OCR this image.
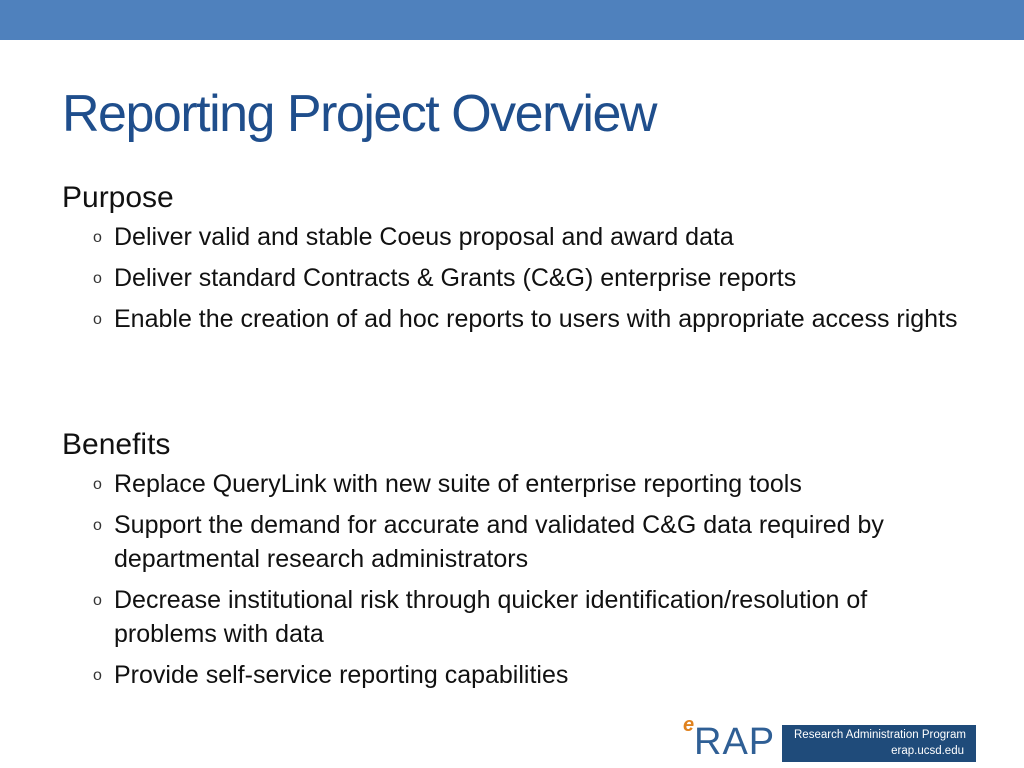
Reporting Project Overview
Purpose
o Deliver valid and stable Coeus proposal and award data
o Deliver standard Contracts & Grants (C&G) enterprise reports
o Enable the creation of ad hoc reports to users with appropriate access rights
Benefits
o Replace QueryLink with new suite of enterprise reporting tools
o Support the demand for accurate and validated C&G data required by departmental research administrators
o Decrease institutional risk through quicker identification/resolution of problems with data
o Provide self-service reporting capabilities
e RAP Research Administration Program
erap.ucsd.edu
